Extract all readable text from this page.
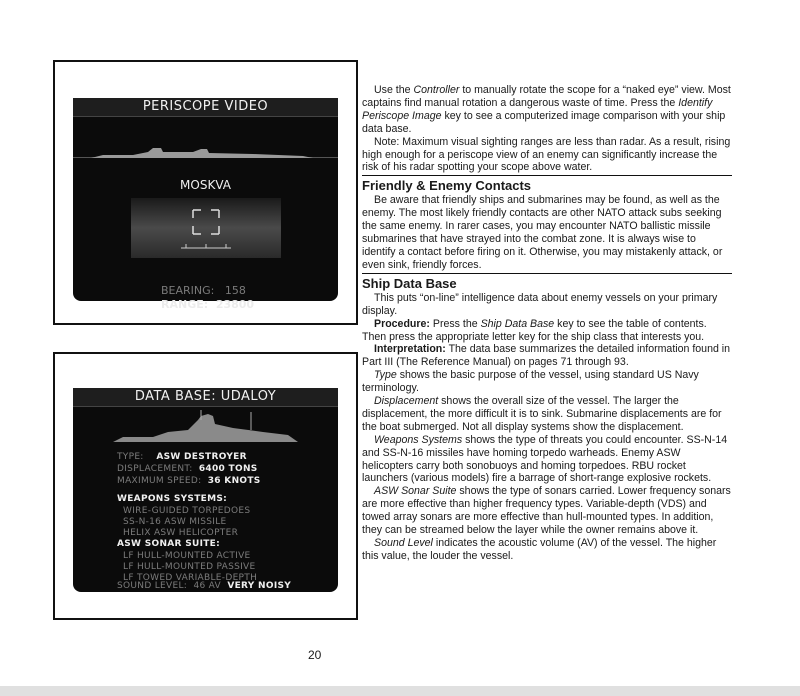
PERISCOPE VIDEO
MOSKVA
BEARING: 158
RANGE: 23800
DATA BASE: UDALOY
TYPE: ASW DESTROYER
DISPLACEMENT: 6400 TONS
MAXIMUM SPEED: 36 KNOTS
WEAPONS SYSTEMS:
WIRE-GUIDED TORPEDOES
SS-N-16 ASW MISSILE
HELIX ASW HELICOPTER
ASW SONAR SUITE:
LF HULL-MOUNTED ACTIVE
LF HULL-MOUNTED PASSIVE
LF TOWED VARIABLE-DEPTH
SOUND LEVEL: 46 AV VERY NOISY

Use the Controller to manually rotate the scope for a “naked eye” view. Most captains find manual rotation a dangerous waste of time. Press the Identify Periscope Image key to see a computerized image comparison with your ship data base.

Note: Maximum visual sighting ranges are less than radar. As a result, rising high enough for a periscope view of an enemy can significantly increase the risk of his radar spotting your scope above water.

Friendly & Enemy Contacts

Be aware that friendly ships and submarines may be found, as well as the enemy. The most likely friendly contacts are other NATO attack subs seeking the same enemy. In rarer cases, you may encounter NATO ballistic missile submarines that have strayed into the combat zone. It is always wise to identify a contact before firing on it. Otherwise, you may mistakenly attack, or even sink, friendly forces.

Ship Data Base

This puts “on-line” intelligence data about enemy vessels on your primary display.

Procedure: Press the Ship Data Base key to see the table of contents. Then press the appropriate letter key for the ship class that interests you.

Interpretation: The data base summarizes the detailed information found in Part III (The Reference Manual) on pages 71 through 93.

Type shows the basic purpose of the vessel, using standard US Navy terminology.

Displacement shows the overall size of the vessel. The larger the displacement, the more difficult it is to sink. Submarine displacements are for the boat submerged. Not all display systems show the displacement.

Weapons Systems shows the type of threats you could encounter. SS-N-14 and SS-N-16 missiles have homing torpedo warheads. Enemy ASW helicopters carry both sonobuoys and homing torpedoes. RBU rocket launchers (various models) fire a barrage of short-range explosive rockets.

ASW Sonar Suite shows the type of sonars carried. Lower frequency sonars are more effective than higher frequency types. Variable-depth (VDS) and towed array sonars are more effective than hull-mounted types. In addition, they can be streamed below the layer while the owner remains above it.

Sound Level indicates the acoustic volume (AV) of the vessel. The higher this value, the louder the vessel.

20
